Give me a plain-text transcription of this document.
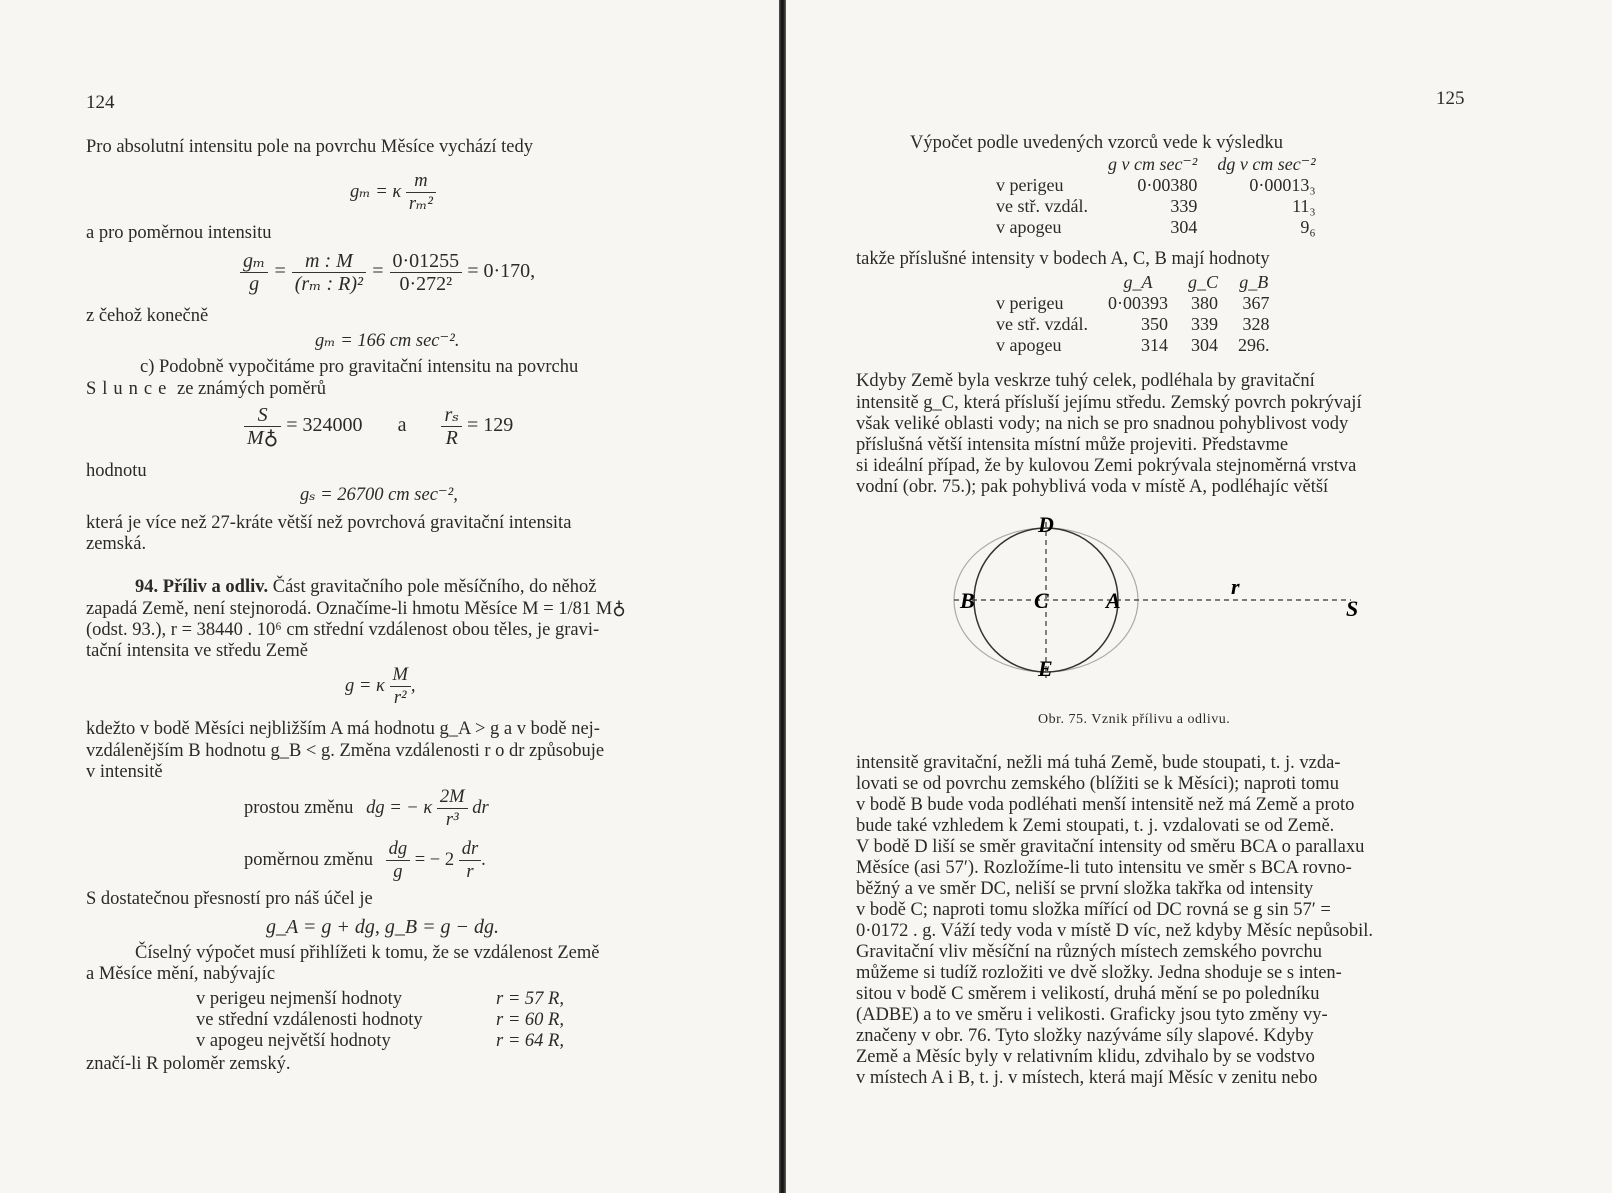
124
Pro absolutní intensitu pole na povrchu Měsíce vychází tedy
gₘ = κ $\frac{m}{\text{rₘ²}}$
a pro poměrnou intensitu
$\frac{\text{gₘ}}{g} = \frac{m : M}{\text{(rₘ : R)²}} = \frac{0\cdot 01255}{\text{0·272²}} = 0\cdot 170$,
z čehož konečně
gₘ = 166 cm sec⁻².
c) Podobně vypočitáme pro gravitační intensitu na povrchu
Slunce ze známých poměrů
$\frac{S}{M♁} = 324000$ a $\frac{\text{rₛ}}{R} = 129$
hodnotu
gₛ = 26700 cm sec⁻²,
která je více než 27-kráte větší než povrchová gravitační intensita
zemská.
94. Příliv a odliv. Část gravitačního pole měsíčního, do něhož
zapadá Země, není stejnorodá. Označíme-li hmotu Měsíce M = 1/81 M♁
(odst. 93.), r = 38440 . 10⁶ cm střední vzdálenost obou těles, je gravi-
tační intensita ve středu Země
g = κ $\frac{M}{\text{r²}}$ ,
kdežto v bodě Měsíci nejbližším A má hodnotu g_A > g a v bodě nej-
vzdálenějším B hodnotu g_B < g. Změna vzdálenosti r o dr způsobuje
v intensitě
prostou změnu dg = − κ $\frac{2M}{\text{r³}}$ dr
poměrnou změnu $\frac{dg}{g}$ = − $2 \frac{dr}{r}$ .
S dostatečnou přesností pro náš účel je
g_A = g + dg, g_B = g − dg.
Číselný výpočet musí přihlížeti k tomu, že se vzdálenost Země
a Měsíce mění, nabývajíc
v perigeu nejmenší hodnoty	r = 57 R,
ve střední vzdálenosti hodnoty	r = 60 R,
v apogeu největší hodnoty	r = 64 R,
značí-li R poloměr zemský.
125
Výpočet podle uvedených vzorců vede k výsledku
	g v cm sec⁻²	dg v cm sec⁻²
v perigeu	0·00380	0·00013₃
ve stř. vzdál.	339	11₃
v apogeu	304	9₆
takže příslušné intensity v bodech A, C, B mají hodnoty
	g_A	g_C	g_B
v perigeu	0·00393	380	367
ve stř. vzdál.	350	339	328
v apogeu	314	304	296.
Kdyby Země byla veskrze tuhý celek, podléhala by gravitační
intensitě g_C, která přísluší jejímu středu. Zemský povrch pokrývají
však veliké oblasti vody; na nich se pro snadnou pohyblivost vody
příslušná větší intensita místní může projeviti. Představme
si ideální případ, že by kulovou Zemi pokrývala stejnoměrná vrstva
vodní (obr. 75.); pak pohyblivá voda v místě A, podléhajíc větší
D
B	C	A
E
r
S
Obr. 75. Vznik přílivu a odlivu.
intensitě gravitační, nežli má tuhá Země, bude stoupati, t. j. vzda-
lovati se od povrchu zemského (blížiti se k Měsíci); naproti tomu
v bodě B bude voda podléhati menší intensitě než má Země a proto
bude také vzhledem k Zemi stoupati, t. j. vzdalovati se od Země.
V bodě D liší se směr gravitační intensity od směru BCA o parallaxu
Měsíce (asi 57′). Rozložíme-li tuto intensitu ve směr s BCA rovno-
běžný a ve směr DC, neliší se první složka takřka od intensity
v bodě C; naproti tomu složka mířící od DC rovná se g sin 57′ =
0·0172 . g. Váží tedy voda v místě D víc, než kdyby Měsíc nepůsobil.
Gravitační vliv měsíční na různých místech zemského povrchu
můžeme si tudíž rozložiti ve dvě složky. Jedna shoduje se s inten-
sitou v bodě C směrem i velikostí, druhá mění se po poledníku
(ADBE) a to ve směru i velikosti. Graficky jsou tyto změny vy-
značeny v obr. 76. Tyto složky nazýváme síly slapové. Kdyby
Země a Měsíc byly v relativním klidu, zdvihalo by se vodstvo
v místech A i B, t. j. v místech, která mají Měsíc v zenitu nebo
